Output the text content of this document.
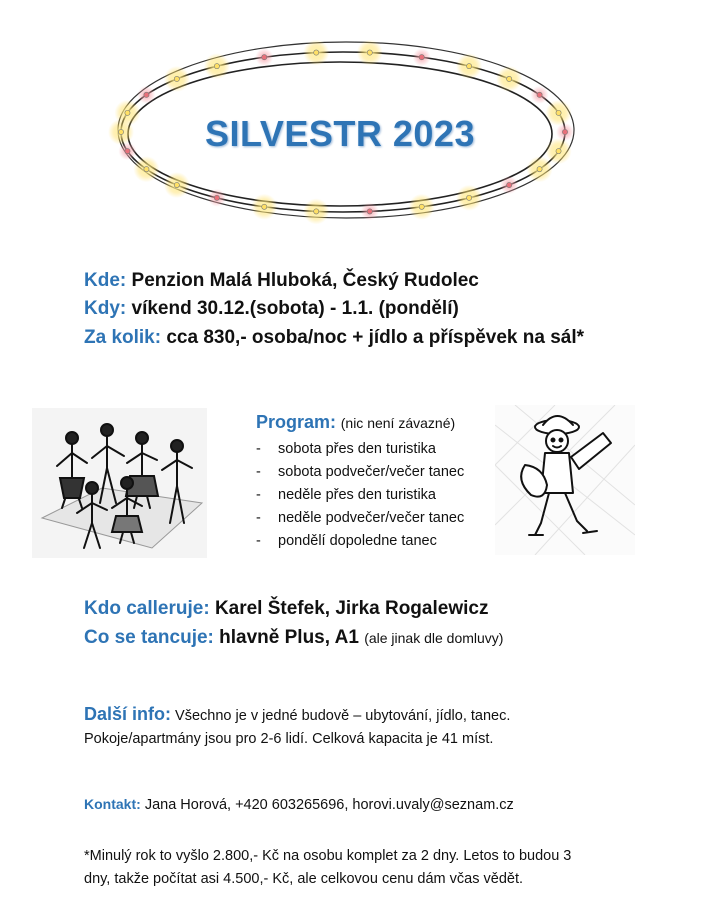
SILVESTR 2023
Kde: Penzion Malá Hluboká, Český Rudolec
Kdy: víkend 30.12.(sobota) - 1.1. (pondělí)
Za kolik: cca 830,- osoba/noc + jídlo a příspěvek na sál*
Program: (nic není závazné)
- sobota přes den turistika
- sobota podvečer/večer tanec
- neděle přes den turistika
- neděle podvečer/večer tanec
- pondělí dopoledne tanec
Kdo calleruje: Karel Štefek, Jirka Rogalewicz
Co se tancuje: hlavně Plus, A1 (ale jinak dle domluvy)
Další info: Všechno je v jedné budově – ubytování, jídlo, tanec.
Pokoje/apartmány jsou pro 2-6 lidí. Celková kapacita je 41 míst.
Kontakt: Jana Horová, +420 603265696, horovi.uvaly@seznam.cz
*Minulý rok to vyšlo 2.800,- Kč na osobu komplet za 2 dny. Letos to budou 3
dny, takže počítat asi 4.500,- Kč, ale celkovou cenu dám včas vědět.
